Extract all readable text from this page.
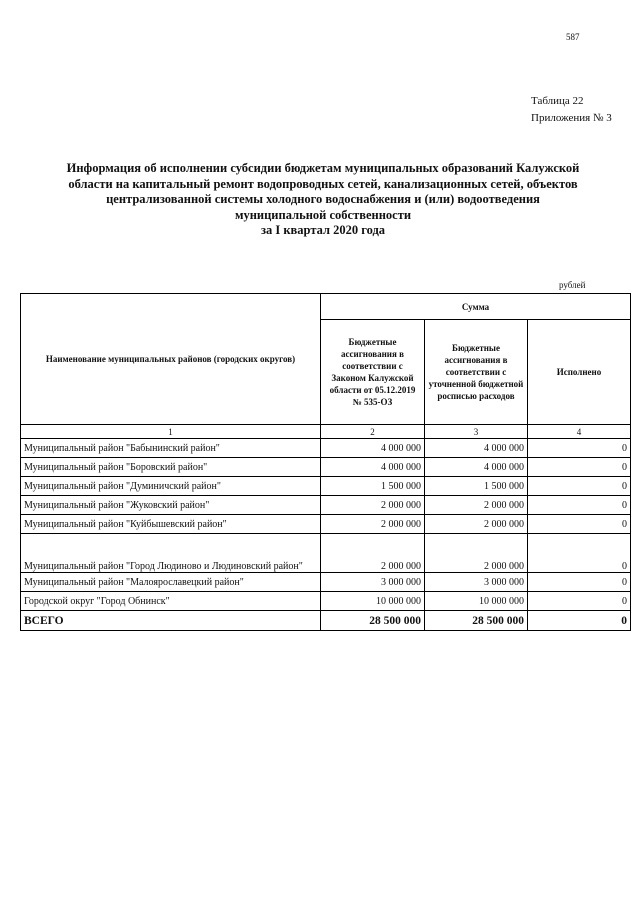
587
Таблица 22
Приложения № 3
Информация об исполнении субсидии бюджетам муниципальных образований Калужской
области на капитальный ремонт водопроводных сетей, канализационных сетей, объектов
централизованной системы холодного водоснабжения и (или) водоотведения
муниципальной собственности
за I квартал 2020 года
рублей
Наименование муниципальных районов (городских округов)	Сумма		
	Бюджетные ассигнования в соответствии с Законом Калужской области от 05.12.2019 № 535-ОЗ	Бюджетные ассигнования в соответствии с уточненной бюджетной росписью расходов	Исполнено
1	2	3	4
Муниципальный район "Бабынинский район"	4 000 000	4 000 000	0
Муниципальный район "Боровский район"	4 000 000	4 000 000	0
Муниципальный район "Думиничский район"	1 500 000	1 500 000	0
Муниципальный район "Жуковский район"	2 000 000	2 000 000	0
Муниципальный район "Куйбышевский район"	2 000 000	2 000 000	0
Муниципальный район "Город Людиново и Людиновский район"	2 000 000	2 000 000	0
Муниципальный район "Малоярославецкий район"	3 000 000	3 000 000	0
Городской округ "Город Обнинск"	10 000 000	10 000 000	0
ВСЕГО	28 500 000	28 500 000	0
